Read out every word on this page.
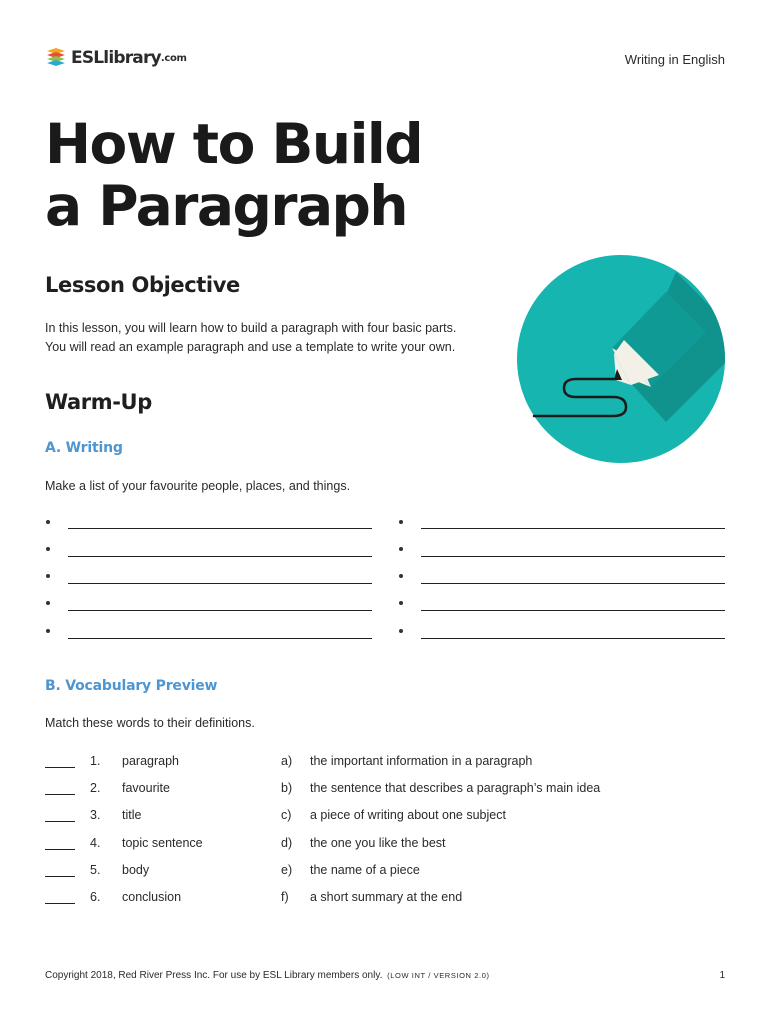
ESLlibrary .com	Writing in English
How to Build
a Paragraph
Lesson Objective
In this lesson, you will learn how to build a paragraph with four basic parts.
You will read an example paragraph and use a template to write your own.
Warm-Up
A. Writing
Make a list of your favourite people, places, and things.
B. Vocabulary Preview
Match these words to their definitions.
1. paragraph	a) the important information in a paragraph
2. favourite	b) the sentence that describes a paragraph’s main idea
3. title	c) a piece of writing about one subject
4. topic sentence	d) the one you like the best
5. body	e) the name of a piece
6. conclusion	f) a short summary at the end
Copyright 2018, Red River Press Inc. For use by ESL Library members only. (LOW INT / VERSION 2.0)	1
